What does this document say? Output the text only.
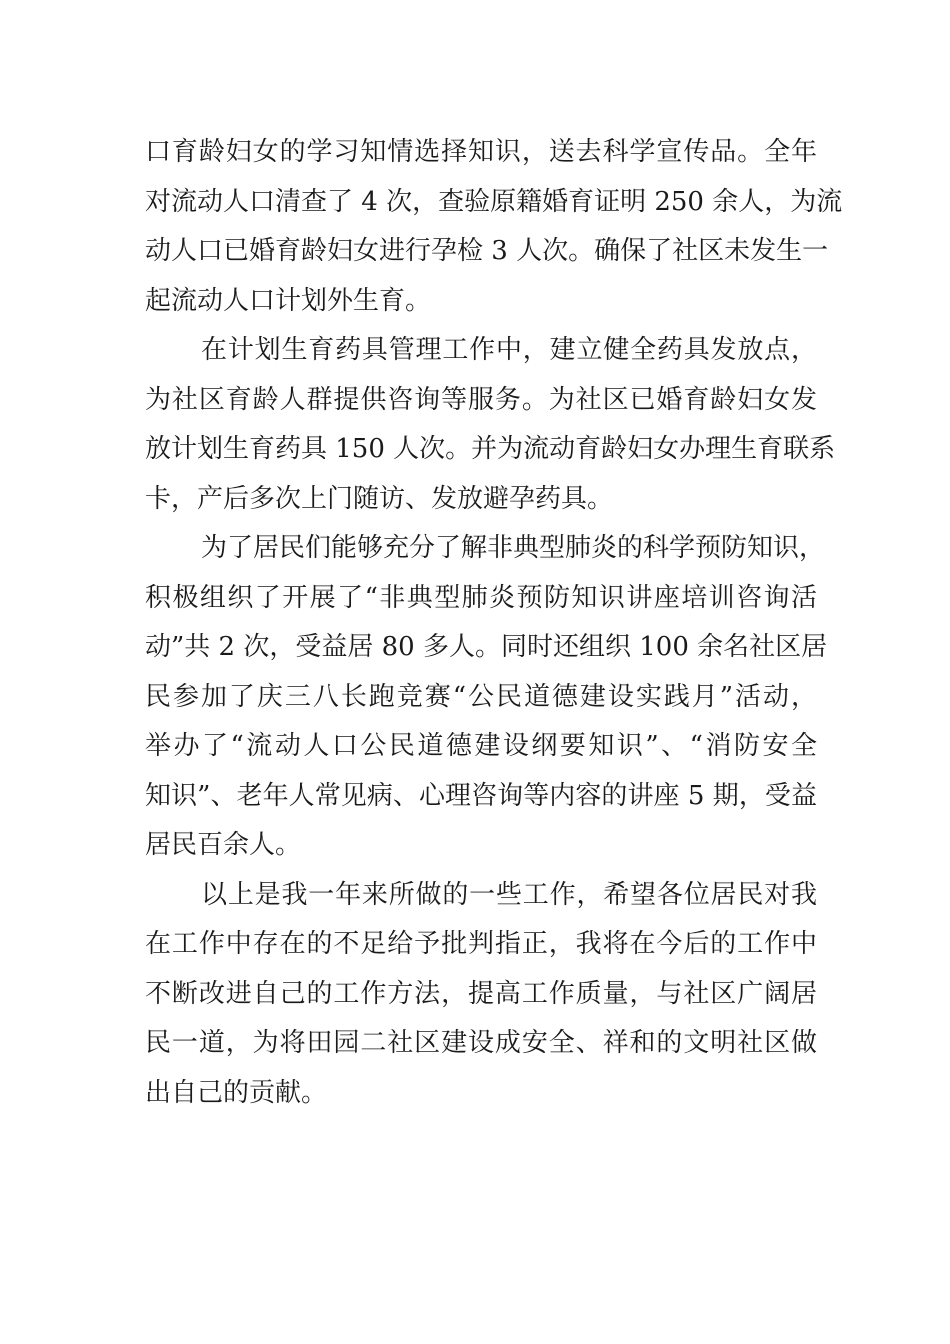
口育龄妇女的学习知情选择知识，送去科学宣传品。全年
对流动人口清查了 4 次，查验原籍婚育证明 250 余人，为流
动人口已婚育龄妇女进行孕检 3 人次。确保了社区未发生一
起流动人口计划外生育。
在计划生育药具管理工作中，建立健全药具发放点，
为社区育龄人群提供咨询等服务。为社区已婚育龄妇女发
放计划生育药具 150 人次。并为流动育龄妇女办理生育联系
卡，产后多次上门随访、发放避孕药具。
为了居民们能够充分了解非典型肺炎的科学预防知识，
积极组织了开展了“非典型肺炎预防知识讲座培训咨询活
动”共 2 次，受益居 80 多人。同时还组织 100 余名社区居
民参加了庆三八长跑竞赛“公民道德建设实践月”活动，
举办了“流动人口公民道德建设纲要知识”、“消防安全
知识”、老年人常见病、心理咨询等内容的讲座 5 期，受益
居民百余人。
以上是我一年来所做的一些工作，希望各位居民对我
在工作中存在的不足给予批判指正，我将在今后的工作中
不断改进自己的工作方法，提高工作质量，与社区广阔居
民一道，为将田园二社区建设成安全、祥和的文明社区做
出自己的贡献。
